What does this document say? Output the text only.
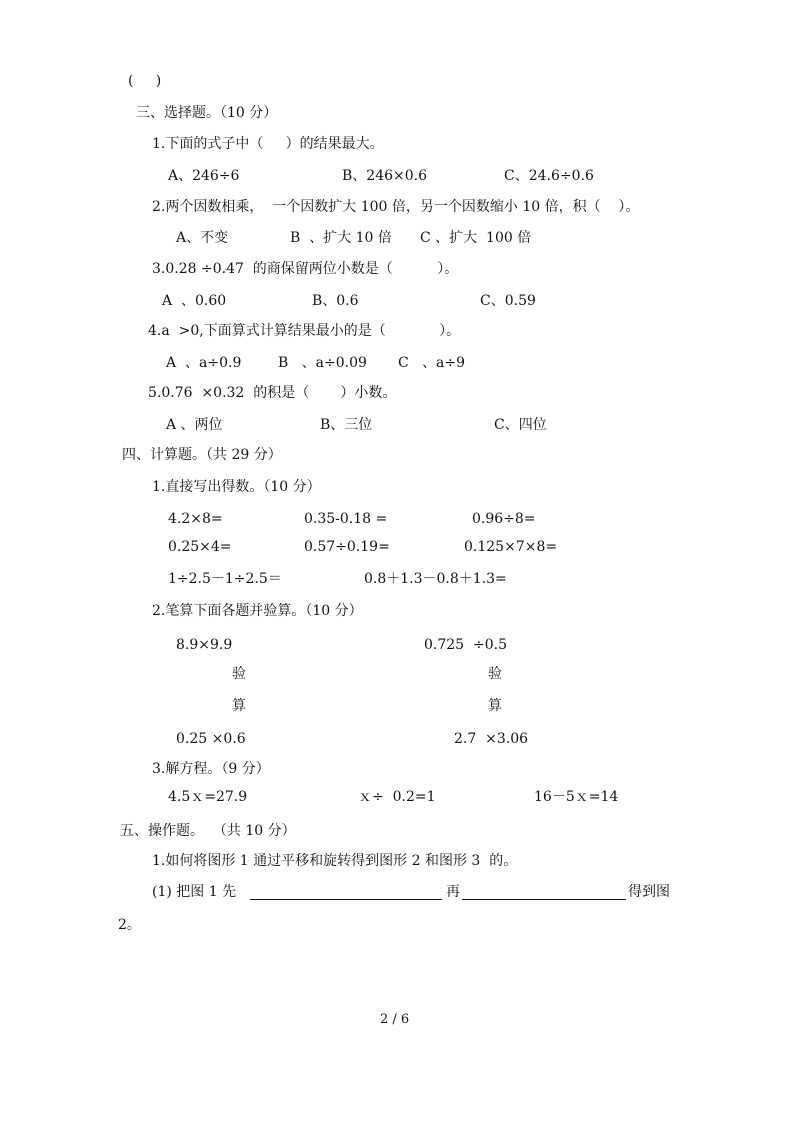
(     )
三、选择题。（10 分）
1.下面的式子中（     ）的结果最大。
A、246÷6	B、246×0.6	C、24.6÷0.6
2.两个因数相乘，  一个因数扩大 100 倍，另一个因数缩小 10 倍，积（    ）。
A、不变	B  、扩大 10 倍 C 、扩大  100 倍
3.0.28 ÷0.47  的商保留两位小数是（          ）。
A  、0.60	B、0.6	C、0.59
4.a  >0,下面算式计算结果最小的是（            ）。
A  、a÷0.9	B   、a÷0.09 C   、a÷9
5.0.76  ×0.32  的积是（       ）小数。
A 、两位	B、三位	C、四位
四、计算题。（共 29 分）
1.直接写出得数。（10 分）
4.2×8=	0.35-0.18 =	0.96÷8=
0.25×4=	0.57÷0.19=	0.125×7×8=
1÷2.5－1÷2.5＝	0.8＋1.3－0.8＋1.3=
2.笔算下面各题并验算。（10 分）
8.9×9.9	0.725  ÷0.5
验	验
算	算
0.25 ×0.6	2.7  ×3.06
3.解方程。（9 分）
4.5ｘ=27.9	ｘ÷  0.2=1	16－5ｘ=14
五、操作题。  （共 10 分）
1.如何将图形 1 通过平移和旋转得到图形 2 和图形 3  的。
(1) 把图 1 先	再	得到图
2。
2 / 6
